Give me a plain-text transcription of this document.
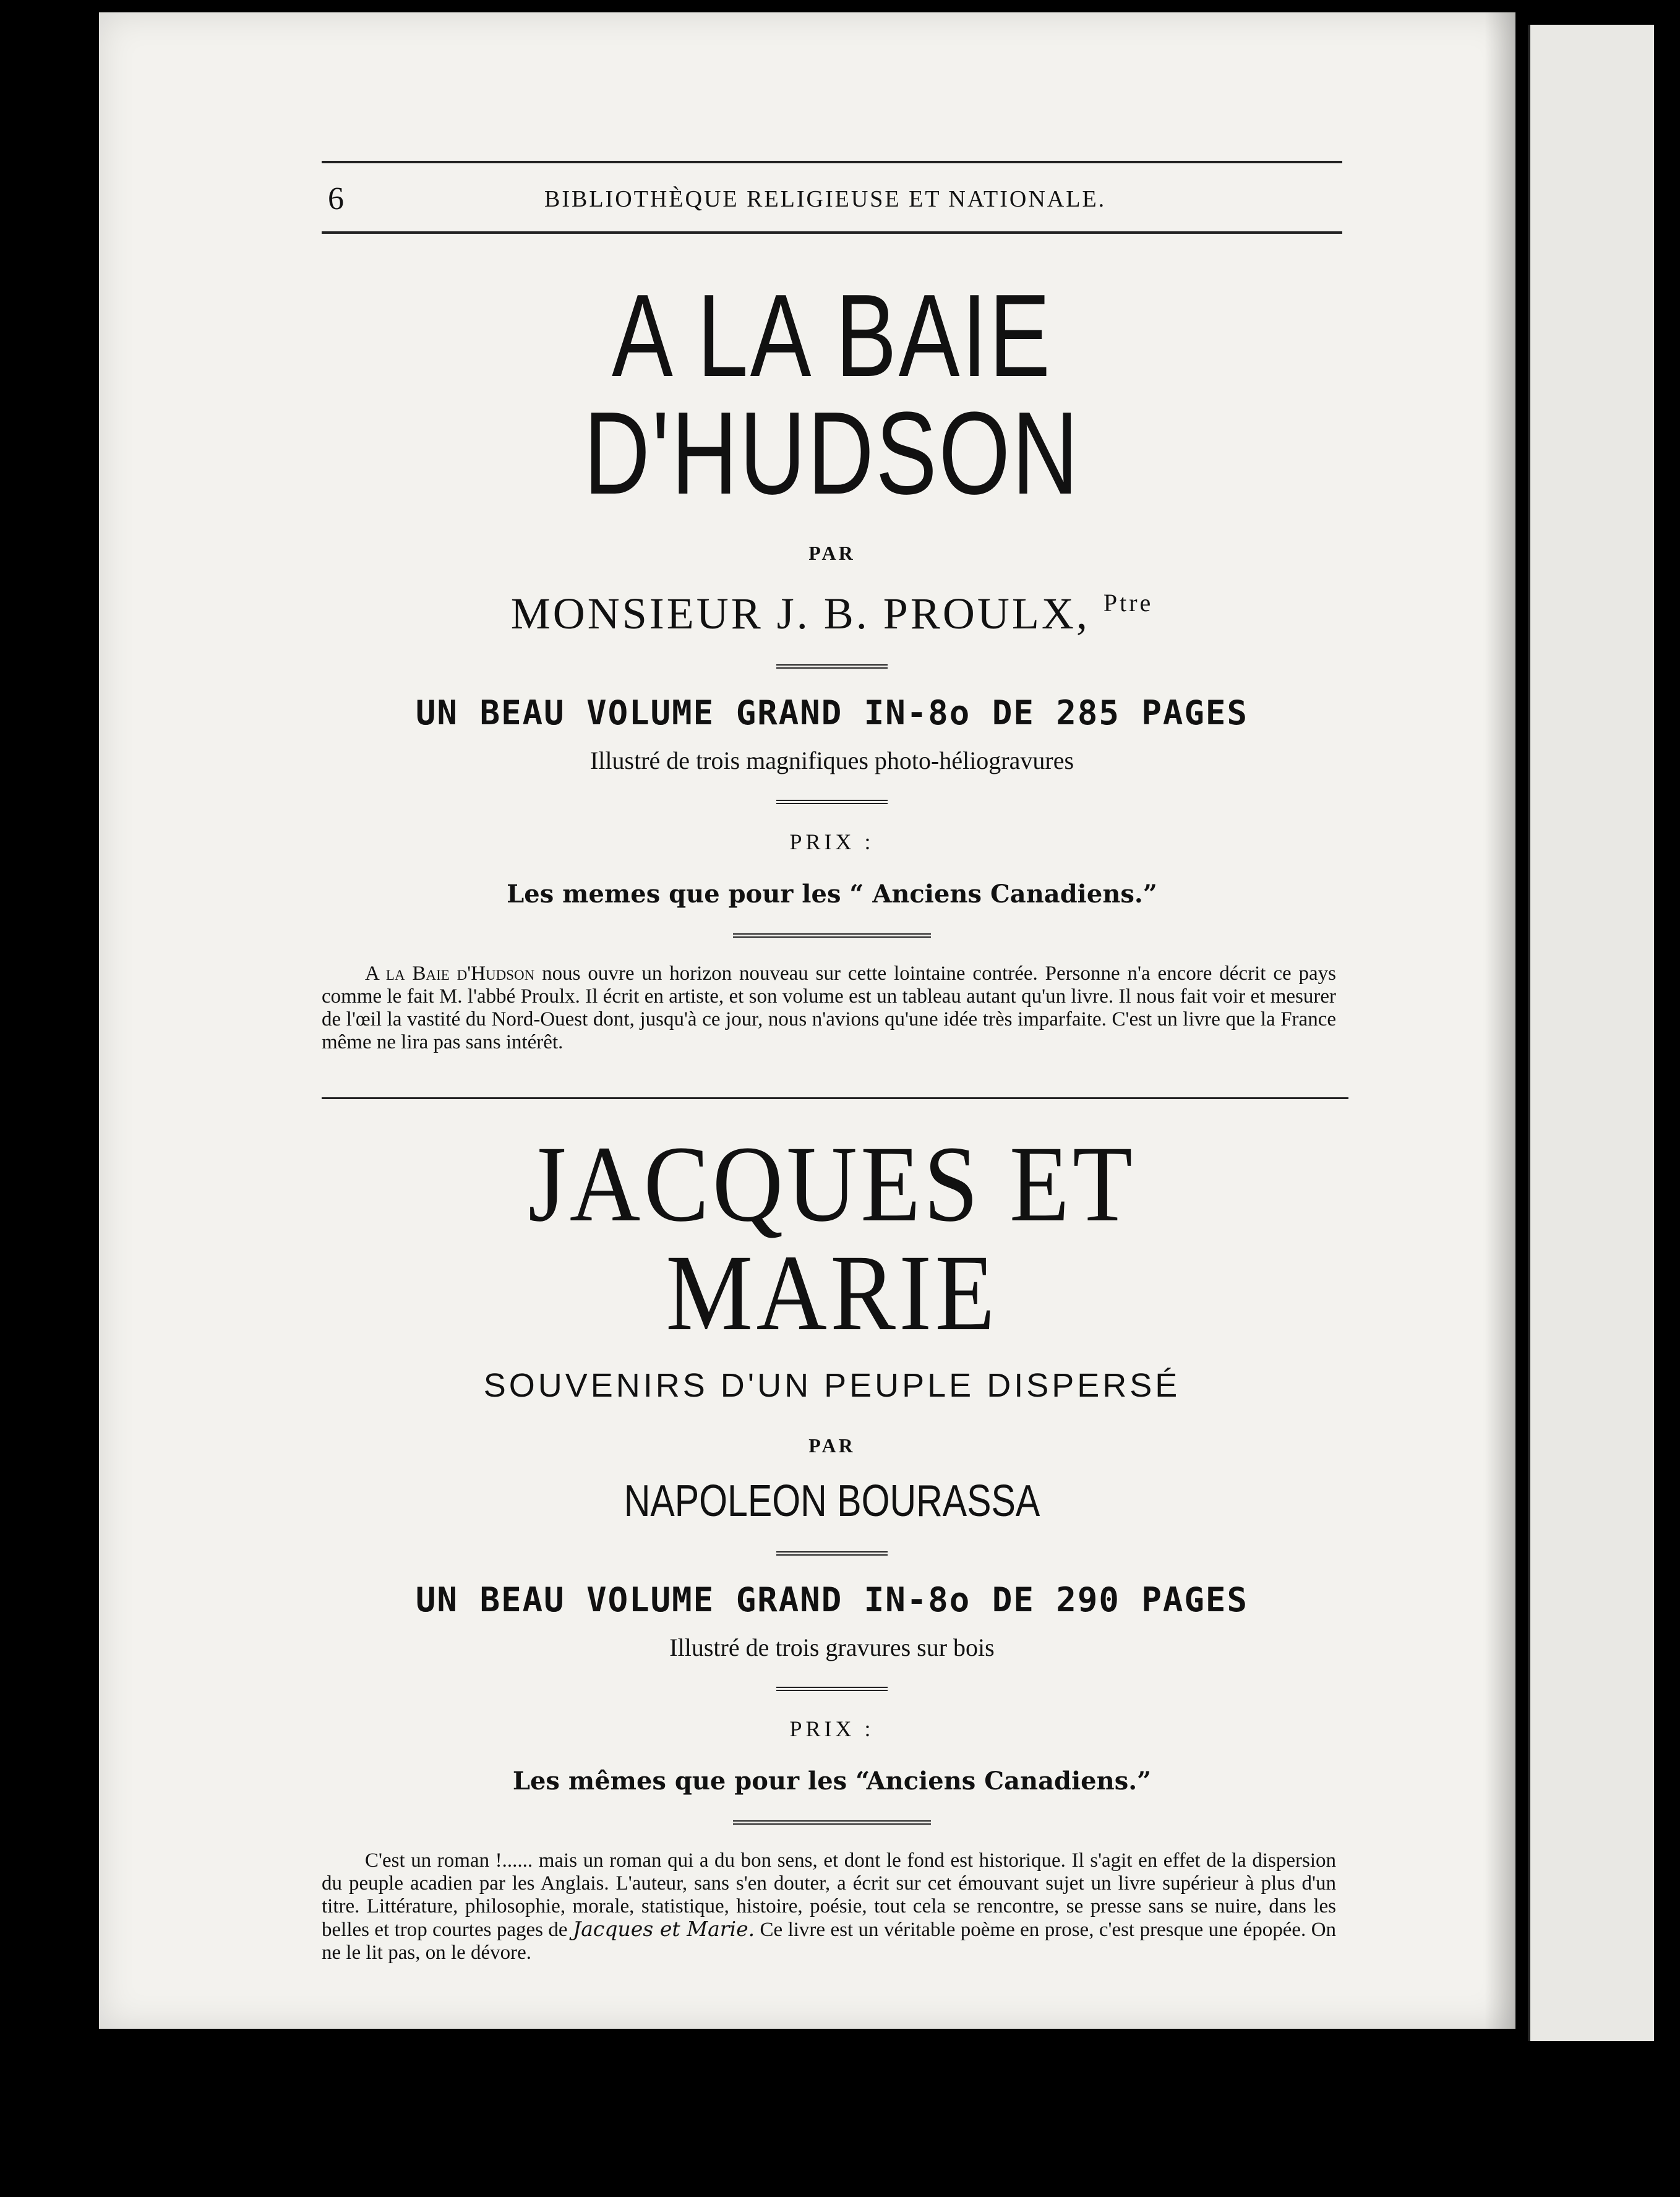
6	BIBLIOTHÈQUE RELIGIEUSE ET NATIONALE.
A LA BAIE D'HUDSON
PAR
MONSIEUR J. B. PROULX, $^{Ptre}$
UN BEAU VOLUME GRAND IN-8o DE 285 PAGES
Illustré de trois magnifiques photo-héliogravures
PRIX :
Les memes que pour les “ Anciens Canadiens.”

A la Baie d'Hudson nous ouvre un horizon nouveau sur cette lointaine contrée. Personne n'a encore décrit ce pays comme le fait M. l'abbé Proulx. Il écrit en artiste, et son volume est un tableau autant qu'un livre. Il nous fait voir et mesurer de l'œil la vastité du Nord-Ouest dont, jusqu'à ce jour, nous n'avions qu'une idée très imparfaite. C'est un livre que la France même ne lira pas sans intérêt.

JACQUES ET MARIE
SOUVENIRS D'UN PEUPLE DISPERSÉ
PAR
NAPOLEON BOURASSA
UN BEAU VOLUME GRAND IN-8o DE 290 PAGES
Illustré de trois gravures sur bois
PRIX :
Les mêmes que pour les “Anciens Canadiens.”

C'est un roman !...... mais un roman qui a du bon sens, et dont le fond est historique. Il s'agit en effet de la dispersion du peuple acadien par les Anglais. L'auteur, sans s'en douter, a écrit sur cet émouvant sujet un livre supérieur à plus d'un titre. Littérature, philosophie, morale, statistique, histoire, poésie, tout cela se rencontre, se presse sans se nuire, dans les belles et trop courtes pages de Jacques et Marie. Ce livre est un véritable poème en prose, c'est presque une épopée. On ne le lit pas, on le dévore.
